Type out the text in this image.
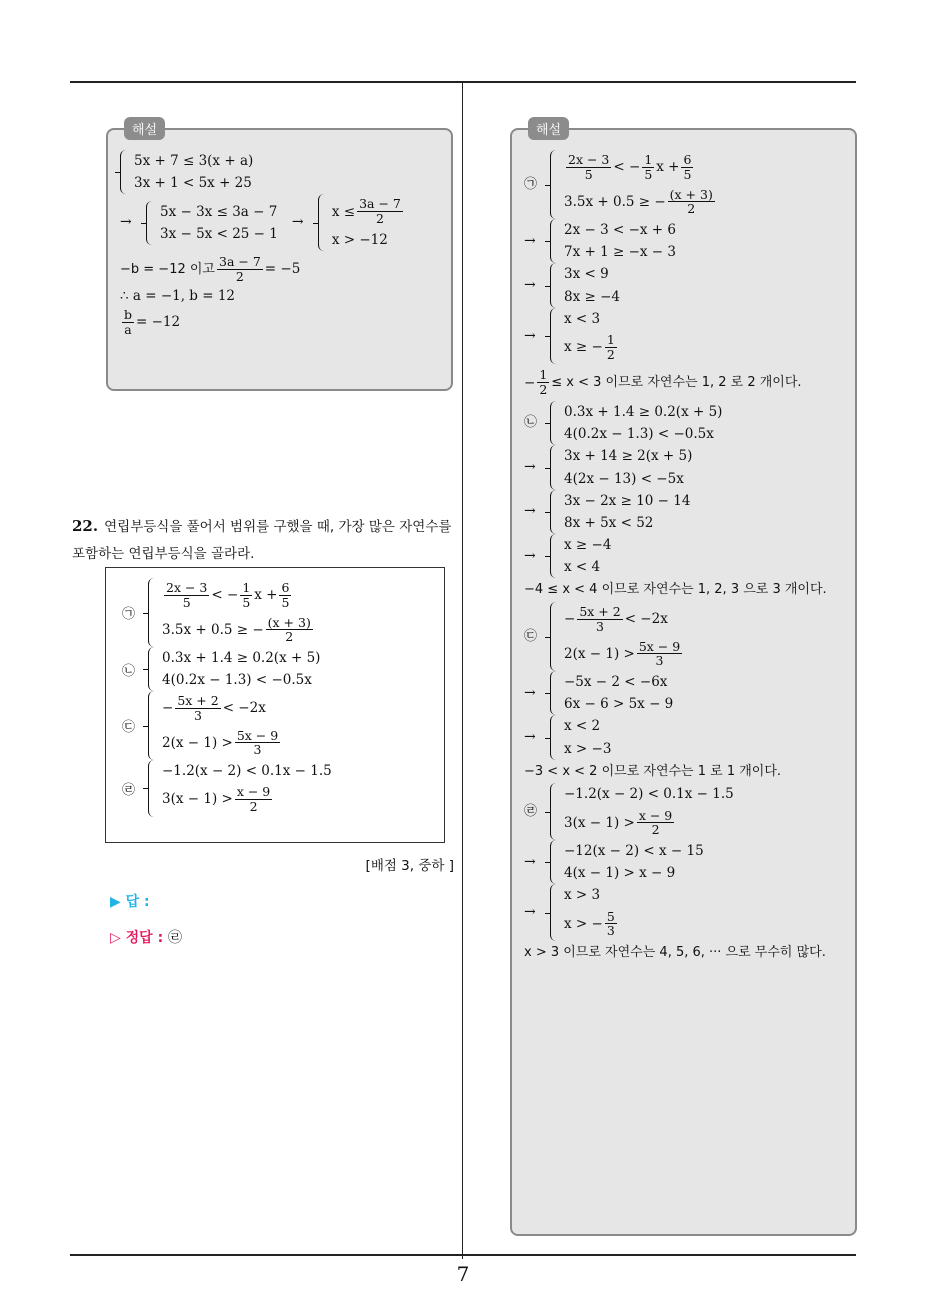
7
해설
5x + 7 ≤ 3(x + a)
3x + 1 < 5x + 25
→
5x − 3x ≤ 3a − 7
3x − 5x < 25 − 1
→
$x \le \frac{3a - 7}{2}$
x > −12
−b = −12 이고 $\frac{3a - 7}{2} = -5$
∴ a = −1, b = 12
$\frac{b}{a} = -12$
22. 연립부등식을 풀어서 범위를 구했을 때, 가장 많은 자연수를 포함하는 연립부등식을 골라라.
㉠
$\frac{2x - 3}{5}$ < − $\frac{1}{5}$ $x + \frac{6}{5}$
3.5x + 0.5 ≥ − $\frac{(x + 3)}{2}$
㉡
0.3x + 1.4 ≥ 0.2(x + 5)
4(0.2x − 1.3) < −0.5x
㉢
− $\frac{5x + 2}{3} < -2x$
$2(x - 1) > \frac{5x - 9}{3}$
㉣
−1.2(x − 2) < 0.1x − 1.5
$3(x - 1) > \frac{x - 9}{2}$
[배점 3, 중하 ]
▶ 답 :
▷ 정답 : ㉣
해설
㉠
$\frac{2x - 3}{5}$ < − $\frac{1}{5}$ $x + \frac{6}{5}$
3.5x + 0.5 ≥ − $\frac{(x + 3)}{2}$
→
2x − 3 < −x + 6
7x + 1 ≥ −x − 3
→
3x < 9
8x ≥ −4
→
x < 3
x ≥ − $\frac{1}{2}$
− $\frac{1}{2} \le x < 3$ 이므로 자연수는 1, 2 로 2 개이다.
㉡
0.3x + 1.4 ≥ 0.2(x + 5)
4(0.2x − 1.3) < −0.5x
→
3x + 14 ≥ 2(x + 5)
4(2x − 13) < −5x
→
3x − 2x ≥ 10 − 14
8x + 5x < 52
→
x ≥ −4
x < 4
−4 ≤ x < 4 이므로 자연수는 1, 2, 3 으로 3 개이다.
㉢
− $\frac{5x + 2}{3} < -2x$
$2(x - 1) > \frac{5x - 9}{3}$
→
−5x − 2 < −6x
6x − 6 > 5x − 9
→
x < 2
x > −3
−3 < x < 2 이므로 자연수는 1 로 1 개이다.
㉣
−1.2(x − 2) < 0.1x − 1.5
$3(x - 1) > \frac{x - 9}{2}$
→
−12(x − 2) < x − 15
4(x − 1) > x − 9
→
x > 3
x > − $\frac{5}{3}$
x > 3 이므로 자연수는 4, 5, 6, ··· 으로 무수히 많다.
